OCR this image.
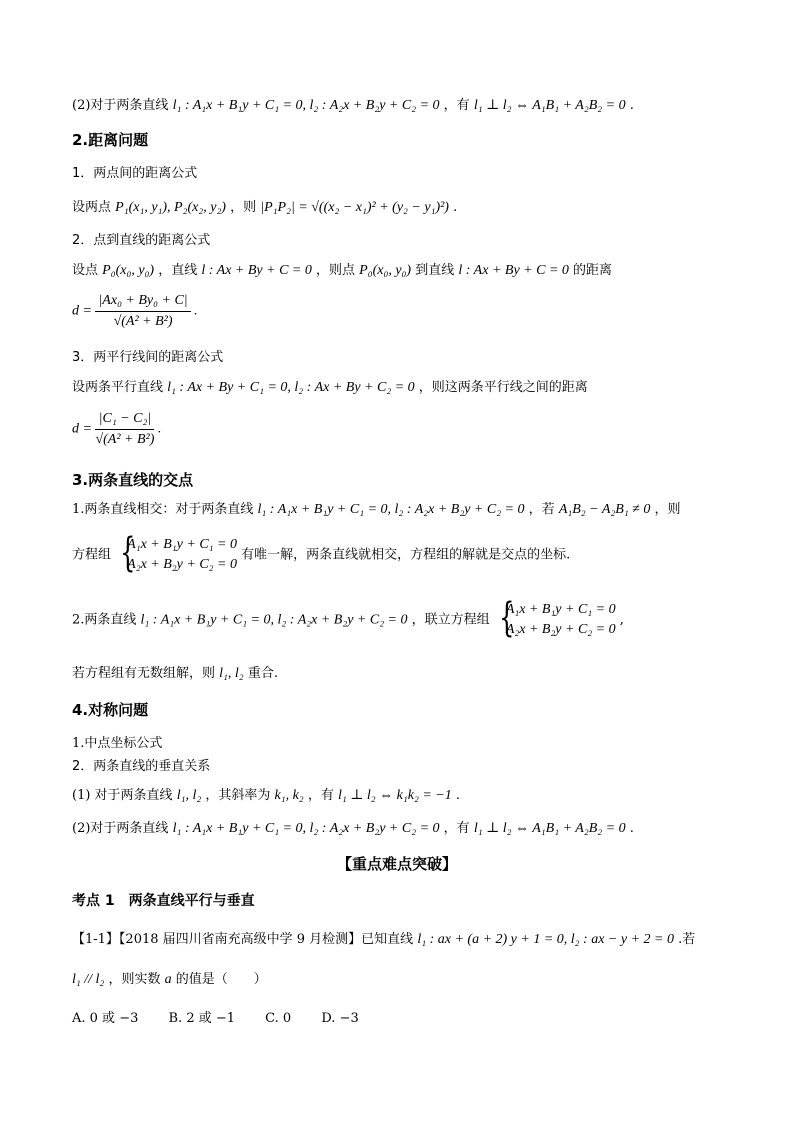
(2)对于两条直线 l₁ : A₁x + B₁y + C₁ = 0, l₂ : A₂x + B₂y + C₂ = 0 ，有 l₁ ⊥ l₂ ⇔ A₁B₁ + A₂B₂ = 0 .
2.距离问题
1．两点间的距离公式
设两点 P₁(x₁, y₁), P₂(x₂, y₂) ，则 |P₁P₂| = √((x₂ − x₁)² + (y₂ − y₁)²) .
2．点到直线的距离公式
设点 P₀(x₀, y₀) ，直线 l : Ax + By + C = 0 ，则点 P₀(x₀, y₀) 到直线 l : Ax + By + C = 0 的距离
$d = \frac{\text{|Ax₀ + By₀ + C|}}{\text{√(A² + B²)}}$ .
3．两平行线间的距离公式
设两条平行直线 l₁ : Ax + By + C₁ = 0, l₂ : Ax + By + C₂ = 0 ，则这两条平行线之间的距离
$d = \frac{\text{|C₁ − C₂|}}{\text{√(A² + B²)}}$ .
3.两条直线的交点
1.两条直线相交：对于两条直线 l₁ : A₁x + B₁y + C₁ = 0, l₂ : A₂x + B₂y + C₂ = 0 ，若 A₁B₂ − A₂B₁ ≠ 0 ，则
方程组 {
A₁x + B₁y + C₁ = 0
A₂x + B₂y + C₂ = 0
有唯一解，两条直线就相交，方程组的解就是交点的坐标.
2.两条直线 l₁ : A₁x + B₁y + C₁ = 0, l₂ : A₂x + B₂y + C₂ = 0 ，联立方程组 {
A₁x + B₁y + C₁ = 0
A₂x + B₂y + C₂ = 0
,
若方程组有无数组解，则 l₁, l₂ 重合.
4.对称问题
1.中点坐标公式
2．两条直线的垂直关系
(1) 对于两条直线 l₁, l₂ ，其斜率为 k₁, k₂ ，有 l₁ ⊥ l₂ ⇔ k₁k₂ = −1 .
(2)对于两条直线 l₁ : A₁x + B₁y + C₁ = 0, l₂ : A₂x + B₂y + C₂ = 0 ，有 l₁ ⊥ l₂ ⇔ A₁B₁ + A₂B₂ = 0 .
【重点难点突破】
考点 1　两条直线平行与垂直
【1-1】【2018 届四川省南充高级中学 9 月检测】已知直线 l₁ : ax + (a + 2) y + 1 = 0, l₂ : ax − y + 2 = 0 .若
l₁ // l₂ ，则实数 a 的值是（　　）
A. 0 或 −3 B. 2 或 −1 C. 0 D. −3
